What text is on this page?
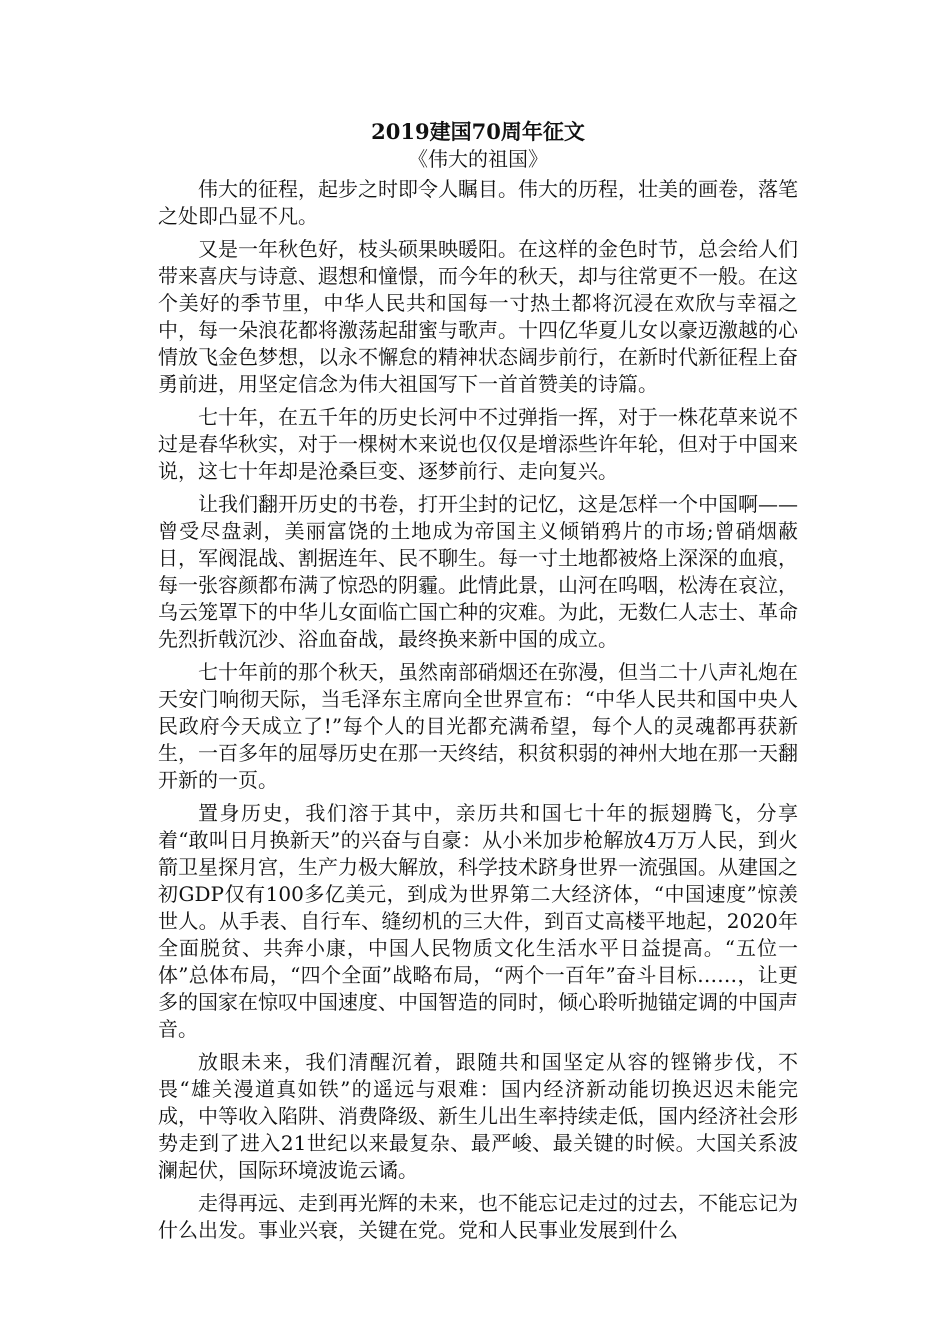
2019建国70周年征文

《伟大的祖国》

伟大的征程，起步之时即令人瞩目。伟大的历程，壮美的画卷，落笔之处即凸显不凡。

又是一年秋色好，枝头硕果映暖阳。在这样的金色时节，总会给人们带来喜庆与诗意、遐想和憧憬，而今年的秋天，却与往常更不一般。在这个美好的季节里，中华人民共和国每一寸热土都将沉浸在欢欣与幸福之中，每一朵浪花都将激荡起甜蜜与歌声。十四亿华夏儿女以豪迈激越的心情放飞金色梦想，以永不懈怠的精神状态阔步前行，在新时代新征程上奋勇前进，用坚定信念为伟大祖国写下一首首赞美的诗篇。

七十年，在五千年的历史长河中不过弹指一挥，对于一株花草来说不过是春华秋实，对于一棵树木来说也仅仅是增添些许年轮，但对于中国来说，这七十年却是沧桑巨变、逐梦前行、走向复兴。

让我们翻开历史的书卷，打开尘封的记忆，这是怎样一个中国啊——曾受尽盘剥，美丽富饶的土地成为帝国主义倾销鸦片的市场;曾硝烟蔽日，军阀混战、割据连年、民不聊生。每一寸土地都被烙上深深的血痕，每一张容颜都布满了惊恐的阴霾。此情此景，山河在呜咽，松涛在哀泣，乌云笼罩下的中华儿女面临亡国亡种的灾难。为此，无数仁人志士、革命先烈折戟沉沙、浴血奋战，最终换来新中国的成立。

七十年前的那个秋天，虽然南部硝烟还在弥漫，但当二十八声礼炮在天安门响彻天际，当毛泽东主席向全世界宣布：“中华人民共和国中央人民政府今天成立了!”每个人的目光都充满希望，每个人的灵魂都再获新生，一百多年的屈辱历史在那一天终结，积贫积弱的神州大地在那一天翻开新的一页。

置身历史，我们溶于其中，亲历共和国七十年的振翅腾飞，分享着“敢叫日月换新天”的兴奋与自豪：从小米加步枪解放4万万人民，到火箭卫星探月宫，生产力极大解放，科学技术跻身世界一流强国。从建国之初GDP仅有100多亿美元，到成为世界第二大经济体，“中国速度”惊羡世人。从手表、自行车、缝纫机的三大件，到百丈高楼平地起，2020年全面脱贫、共奔小康，中国人民物质文化生活水平日益提高。“五位一体”总体布局，“四个全面”战略布局，“两个一百年”奋斗目标……，让更多的国家在惊叹中国速度、中国智造的同时，倾心聆听抛锚定调的中国声音。

放眼未来，我们清醒沉着，跟随共和国坚定从容的铿锵步伐，不畏“雄关漫道真如铁”的遥远与艰难：国内经济新动能切换迟迟未能完成，中等收入陷阱、消费降级、新生儿出生率持续走低，国内经济社会形势走到了进入21世纪以来最复杂、最严峻、最关键的时候。大国关系波澜起伏，国际环境波诡云谲。

走得再远、走到再光辉的未来，也不能忘记走过的过去，不能忘记为什么出发。事业兴衰，关键在党。党和人民事业发展到什么
